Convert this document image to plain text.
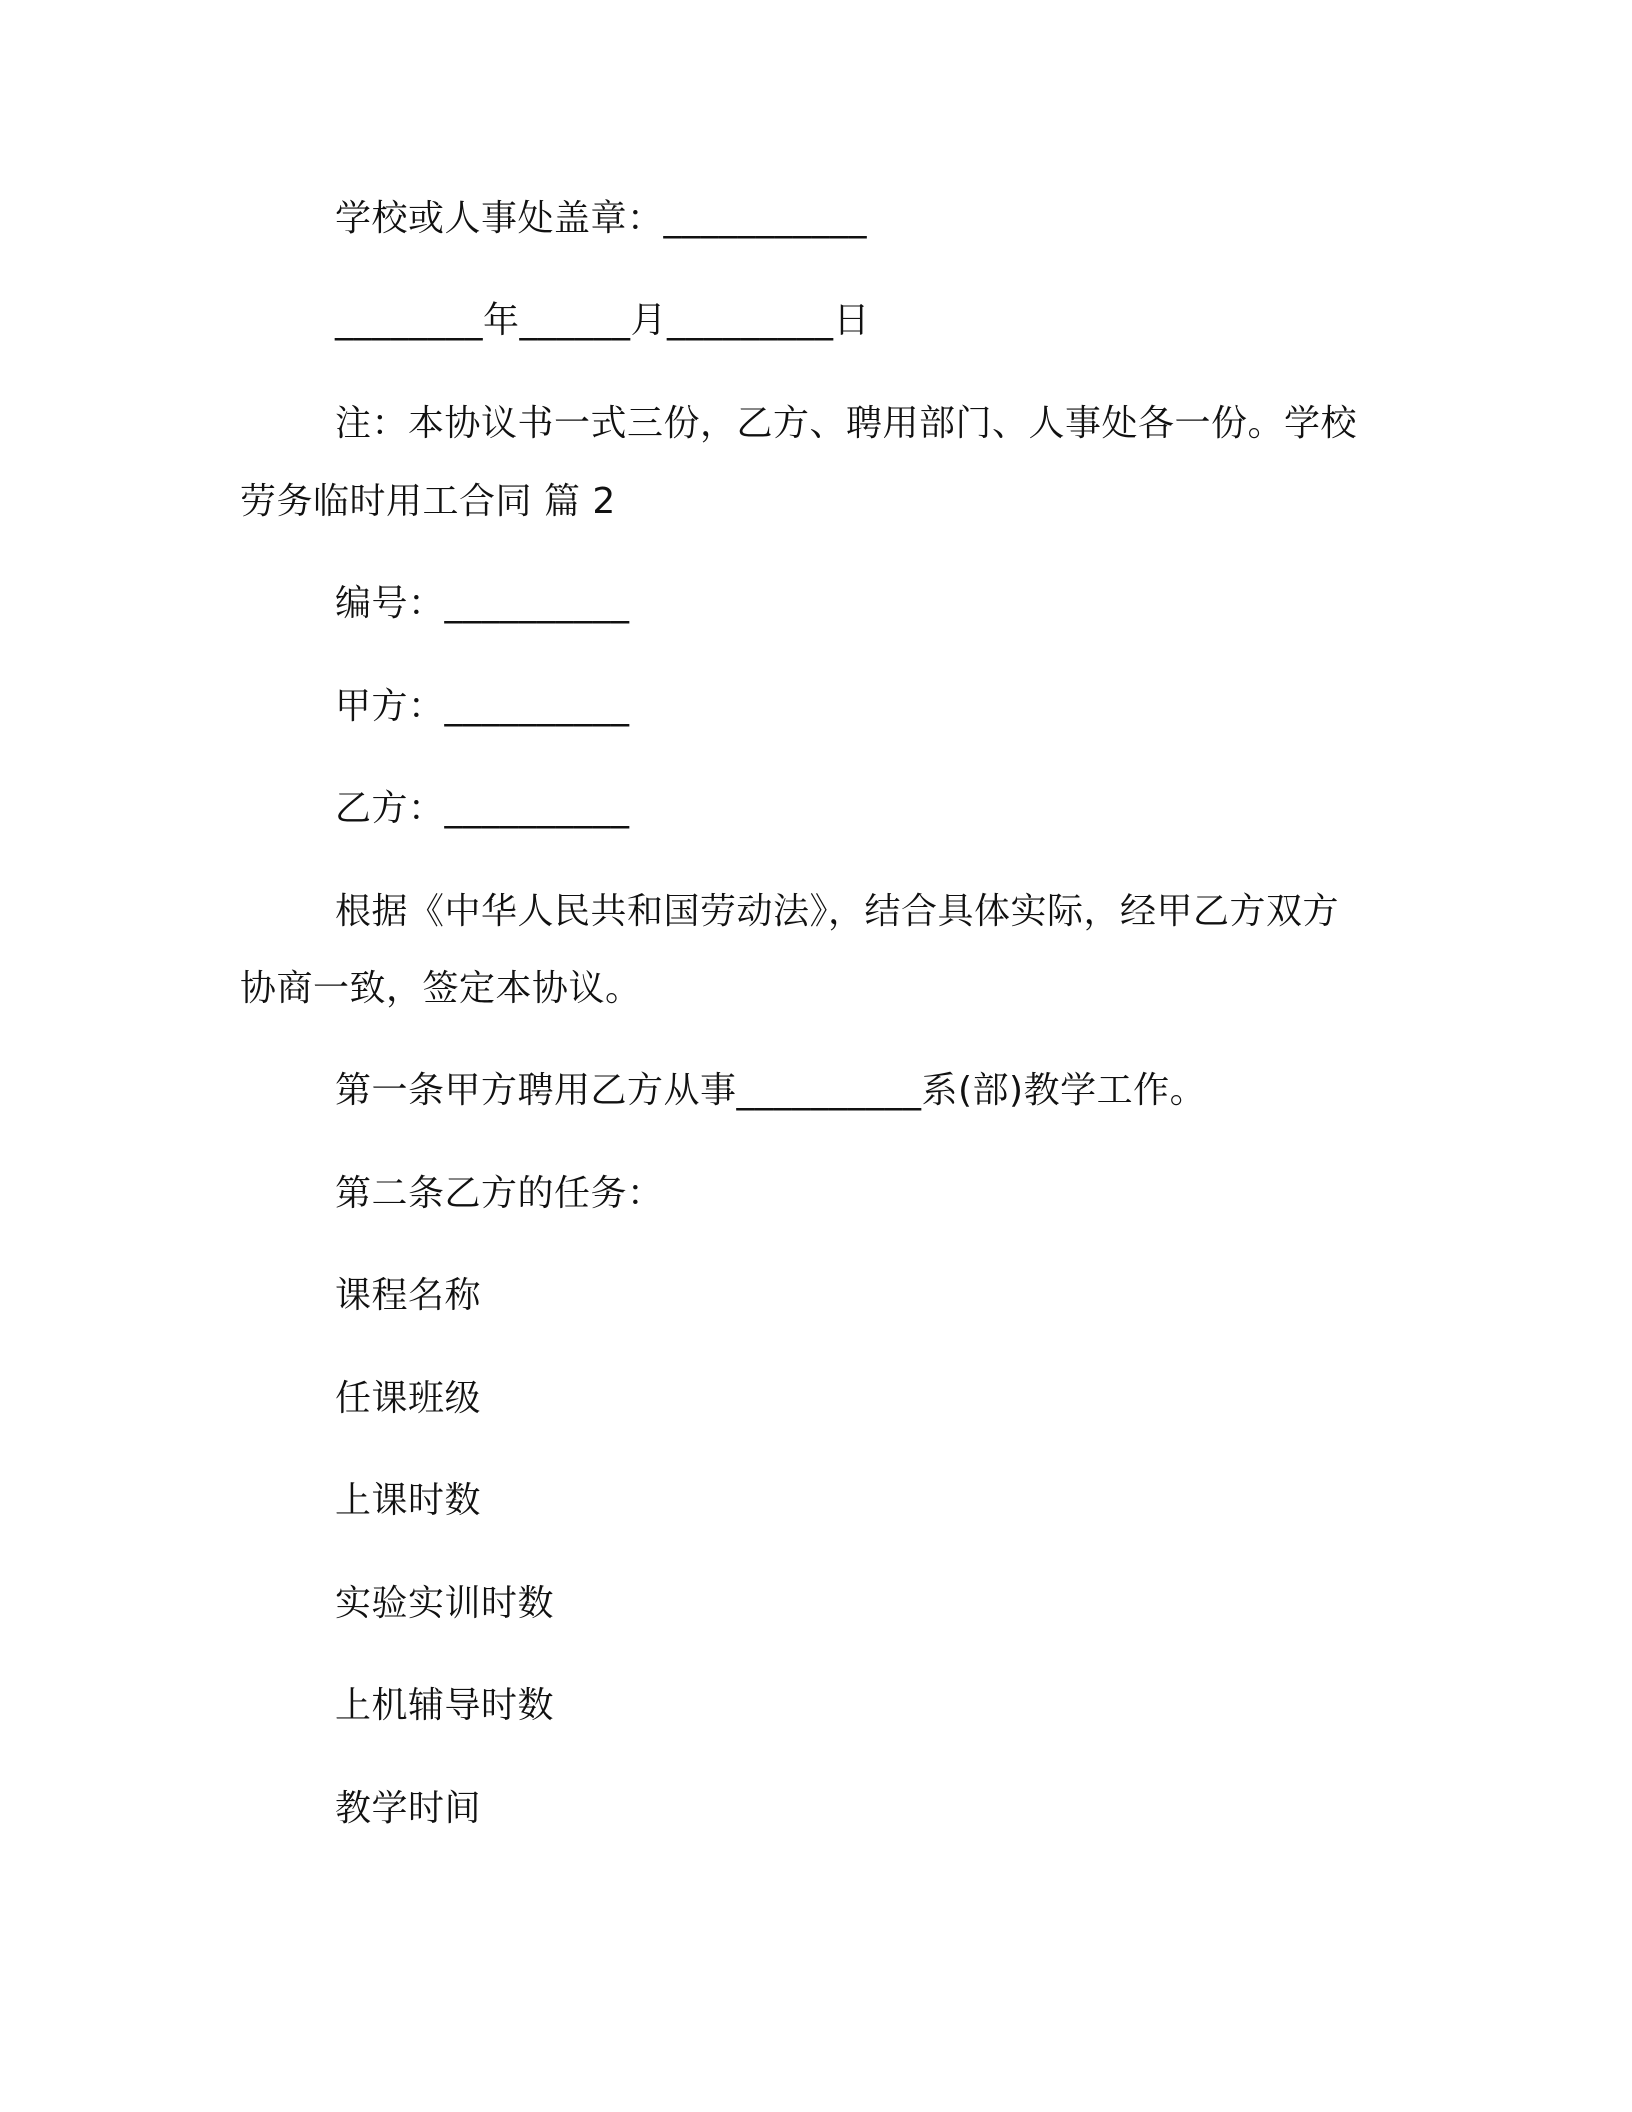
学校或人事处盖章：___________
________年______月_________日
注：本协议书一式三份，乙方、聘用部门、人事处各一份。学校
劳务临时用工合同 篇 2
编号：__________
甲方：__________
乙方：__________
根据《中华人民共和国劳动法》，结合具体实际，经甲乙方双方
协商一致，签定本协议。
第一条甲方聘用乙方从事__________系(部)教学工作。
第二条乙方的任务：
课程名称
任课班级
上课时数
实验实训时数
上机辅导时数
教学时间
